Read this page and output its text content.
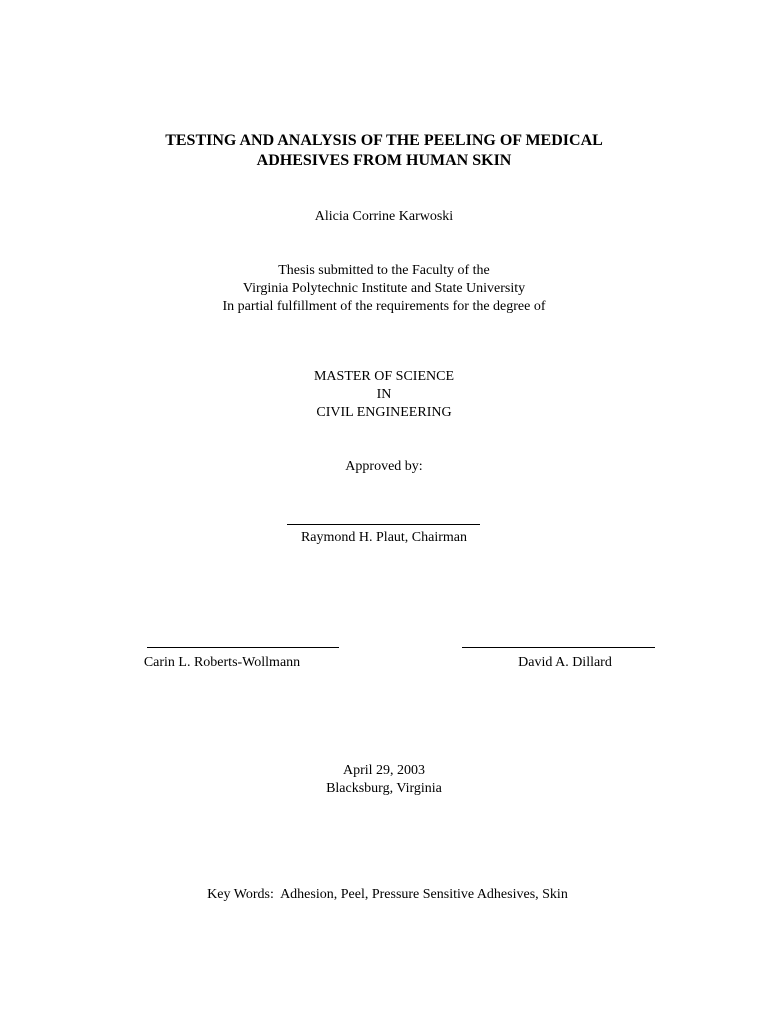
TESTING AND ANALYSIS OF THE PEELING OF MEDICAL
ADHESIVES FROM HUMAN SKIN
Alicia Corrine Karwoski
Thesis submitted to the Faculty of the
Virginia Polytechnic Institute and State University
In partial fulfillment of the requirements for the degree of
MASTER OF SCIENCE
IN
CIVIL ENGINEERING
Approved by:
Raymond H. Plaut, Chairman
Carin L. Roberts-Wollmann	David A. Dillard
April 29, 2003
Blacksburg, Virginia

Key Words:  Adhesion, Peel, Pressure Sensitive Adhesives, Skin
